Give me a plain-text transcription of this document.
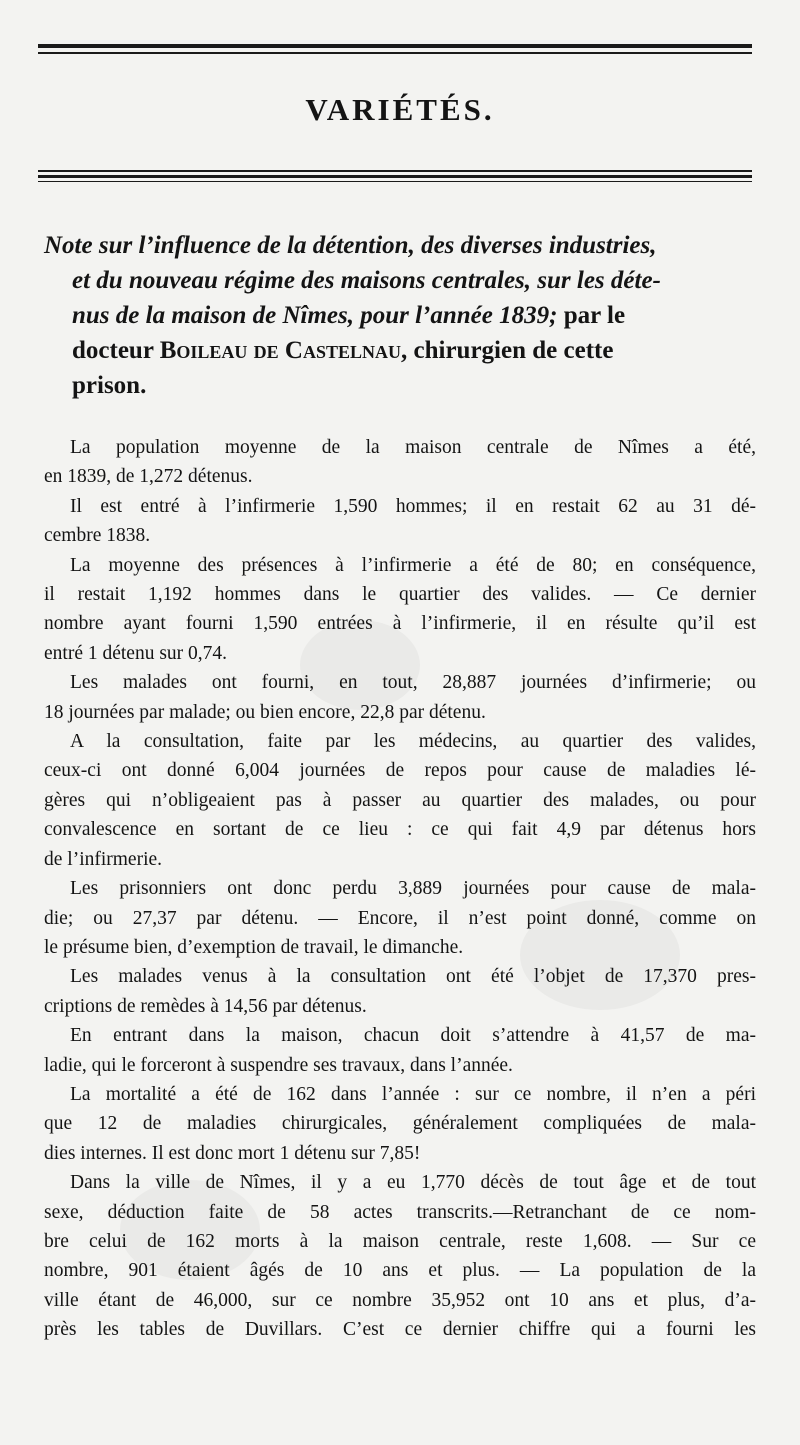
VARIÉTÉS.
Note sur l’influence de la détention, des diverses industries,
et du nouveau régime des maisons centrales, sur les déte-
nus de la maison de Nîmes, pour l’année 1839; par le
docteur Boileau de Castelnau, chirurgien de cette
prison.

La population moyenne de la maison centrale de Nîmes a été,
en 1839, de 1,272 détenus.

Il est entré à l’infirmerie 1,590 hommes; il en restait 62 au 31 dé-
cembre 1838.

La moyenne des présences à l’infirmerie a été de 80; en conséquence,
il restait 1,192 hommes dans le quartier des valides. — Ce dernier
nombre ayant fourni 1,590 entrées à l’infirmerie, il en résulte qu’il est
entré 1 détenu sur 0,74.

Les malades ont fourni, en tout, 28,887 journées d’infirmerie; ou
18 journées par malade; ou bien encore, 22,8 par détenu.

A la consultation, faite par les médecins, au quartier des valides,
ceux-ci ont donné 6,004 journées de repos pour cause de maladies lé-
gères qui n’obligeaient pas à passer au quartier des malades, ou pour
convalescence en sortant de ce lieu : ce qui fait 4,9 par détenus hors
de l’infirmerie.

Les prisonniers ont donc perdu 3,889 journées pour cause de mala-
die; ou 27,37 par détenu. — Encore, il n’est point donné, comme on
le présume bien, d’exemption de travail, le dimanche.

Les malades venus à la consultation ont été l’objet de 17,370 pres-
criptions de remèdes à 14,56 par détenus.

En entrant dans la maison, chacun doit s’attendre à 41,57 de ma-
ladie, qui le forceront à suspendre ses travaux, dans l’année.

La mortalité a été de 162 dans l’année : sur ce nombre, il n’en a péri
que 12 de maladies chirurgicales, généralement compliquées de mala-
dies internes. Il est donc mort 1 détenu sur 7,85!

Dans la ville de Nîmes, il y a eu 1,770 décès de tout âge et de tout
sexe, déduction faite de 58 actes transcrits.—Retranchant de ce nom-
bre celui de 162 morts à la maison centrale, reste 1,608. — Sur ce
nombre, 901 étaient âgés de 10 ans et plus. — La population de la
ville étant de 46,000, sur ce nombre 35,952 ont 10 ans et plus, d’a-
près les tables de Duvillars. C’est ce dernier chiffre qui a fourni les
